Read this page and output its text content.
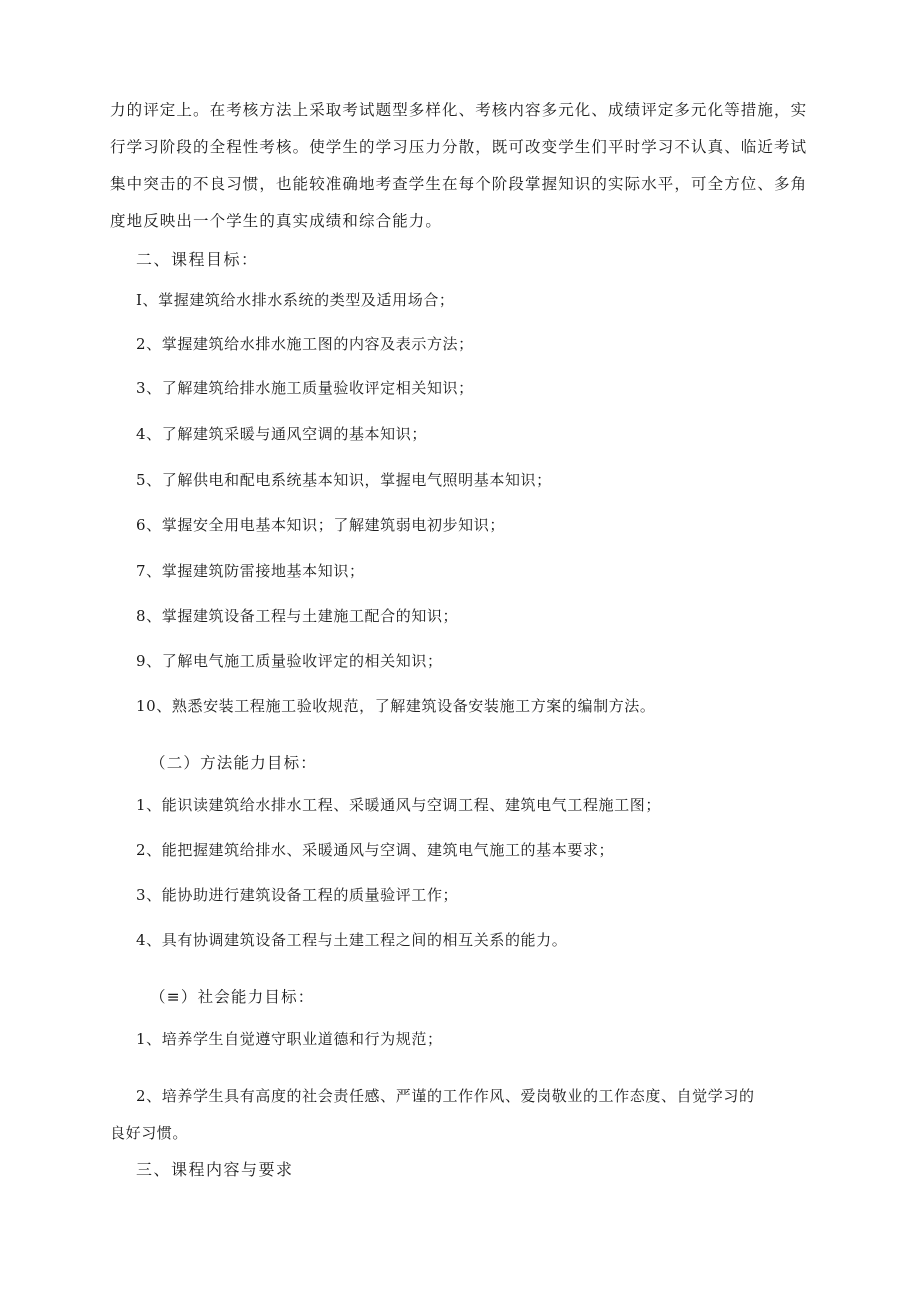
力的评定上。在考核方法上采取考试题型多样化、考核内容多元化、成绩评定多元化等措施，实
行学习阶段的全程性考核。使学生的学习压力分散，既可改变学生们平时学习不认真、临近考试
集中突击的不良习惯，也能较准确地考查学生在每个阶段掌握知识的实际水平，可全方位、多角
度地反映出一个学生的真实成绩和综合能力。
二、课程目标：
I、掌握建筑给水排水系统的类型及适用场合；
2、掌握建筑给水排水施工图的内容及表示方法；
3、了解建筑给排水施工质量验收评定相关知识；
4、了解建筑采暖与通风空调的基本知识；
5、了解供电和配电系统基本知识，掌握电气照明基本知识；
6、掌握安全用电基本知识；了解建筑弱电初步知识；
7、掌握建筑防雷接地基本知识；
8、掌握建筑设备工程与土建施工配合的知识；
9、了解电气施工质量验收评定的相关知识；
10、熟悉安装工程施工验收规范，了解建筑设备安装施工方案的编制方法。
（二）方法能力目标：
1、能识读建筑给水排水工程、采暖通风与空调工程、建筑电气工程施工图；
2、能把握建筑给排水、采暖通风与空调、建筑电气施工的基本要求；
3、能协助进行建筑设备工程的质量验评工作；
4、具有协调建筑设备工程与土建工程之间的相互关系的能力。
（≡）社会能力目标：
1、培养学生自觉遵守职业道德和行为规范；
2、培养学生具有高度的社会责任感、严谨的工作作风、爱岗敬业的工作态度、自觉学习的
良好习惯。
三、课程内容与要求
